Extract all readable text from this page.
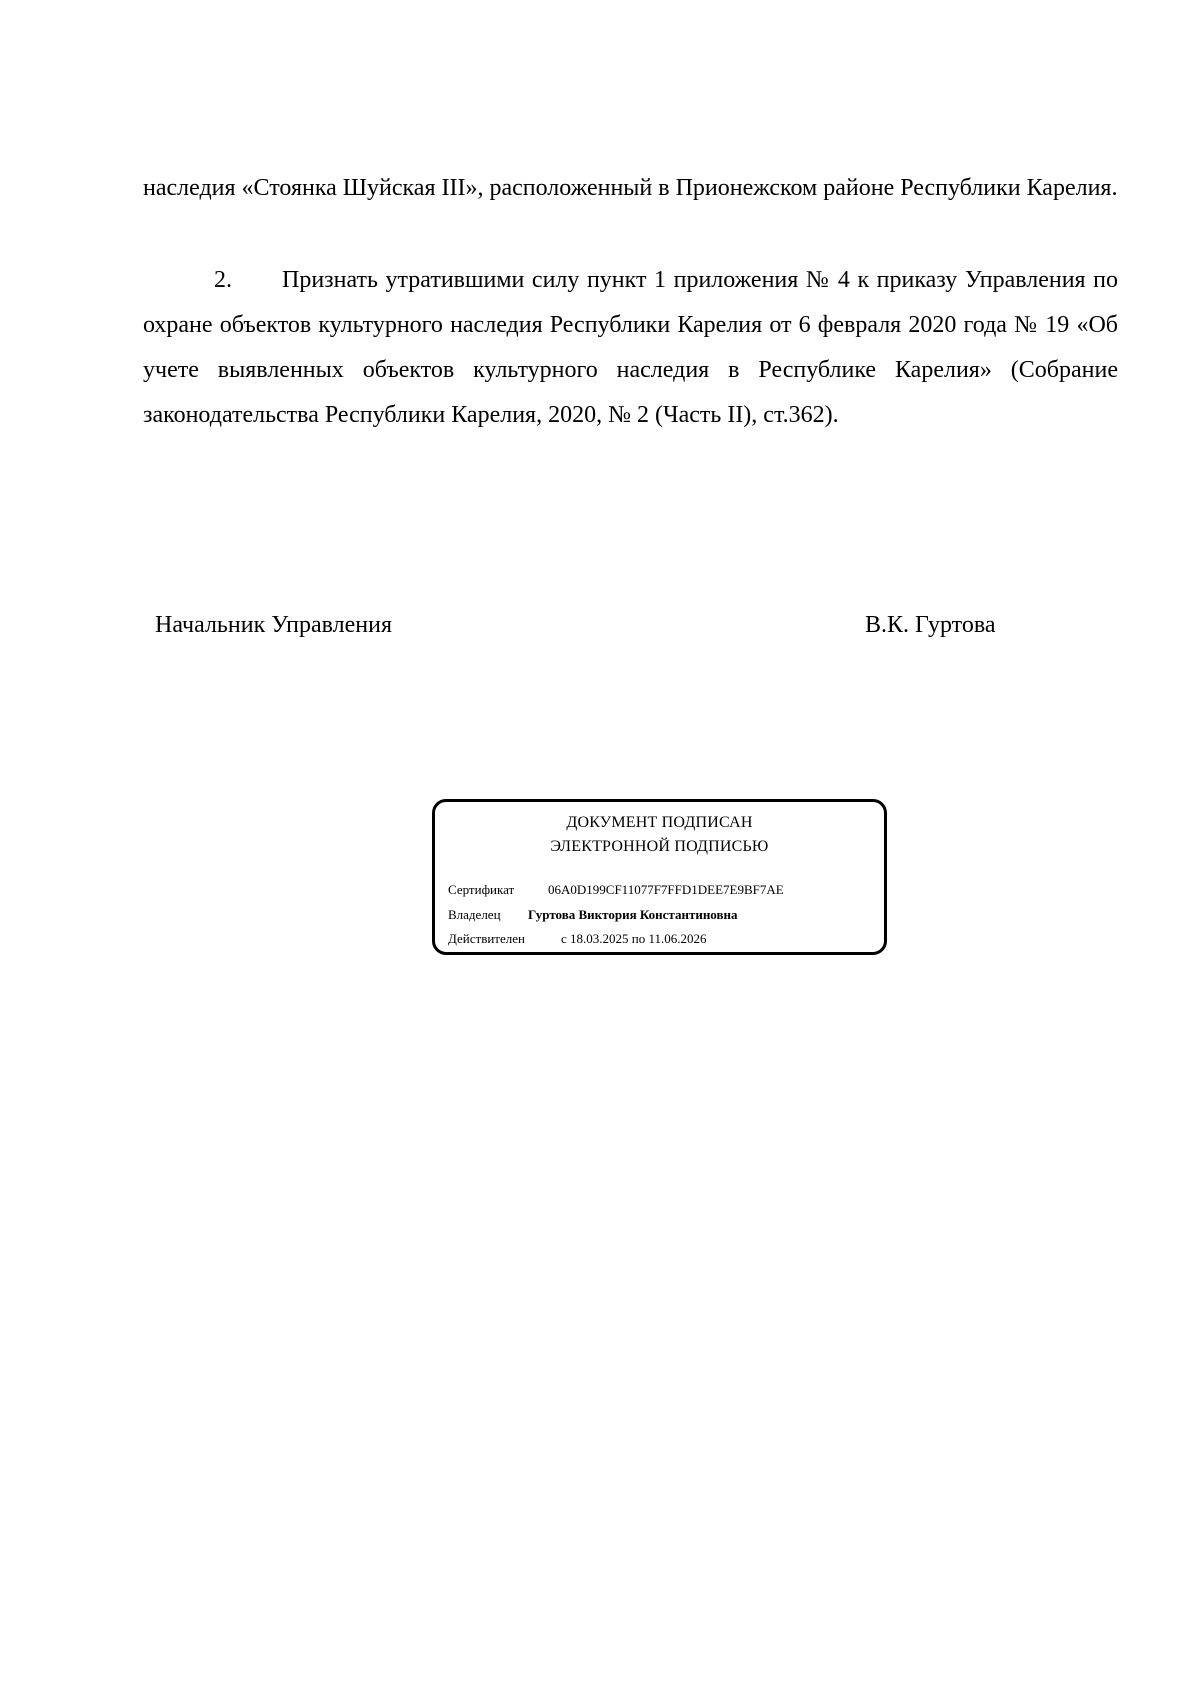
наследия «Стоянка Шуйская III», расположенный в Прионежском районе Республики Карелия.

2. Признать утратившими силу пункт 1 приложения № 4 к приказу Управления по охране объектов культурного наследия Республики Карелия от 6 февраля 2020 года № 19 «Об учете выявленных объектов культурного наследия в Республике Карелия» (Собрание законодательства Республики Карелия, 2020, № 2 (Часть II), ст.362).

Начальник Управления	В.К. Гуртова
ДОКУМЕНТ ПОДПИСАН
ЭЛЕКТРОННОЙ ПОДПИСЬЮ
Сертификат	06A0D199CF11077F7FFD1DEE7E9BF7AE
Владелец Гуртова Виктория Константиновна
Действителен	с 18.03.2025 по 11.06.2026
